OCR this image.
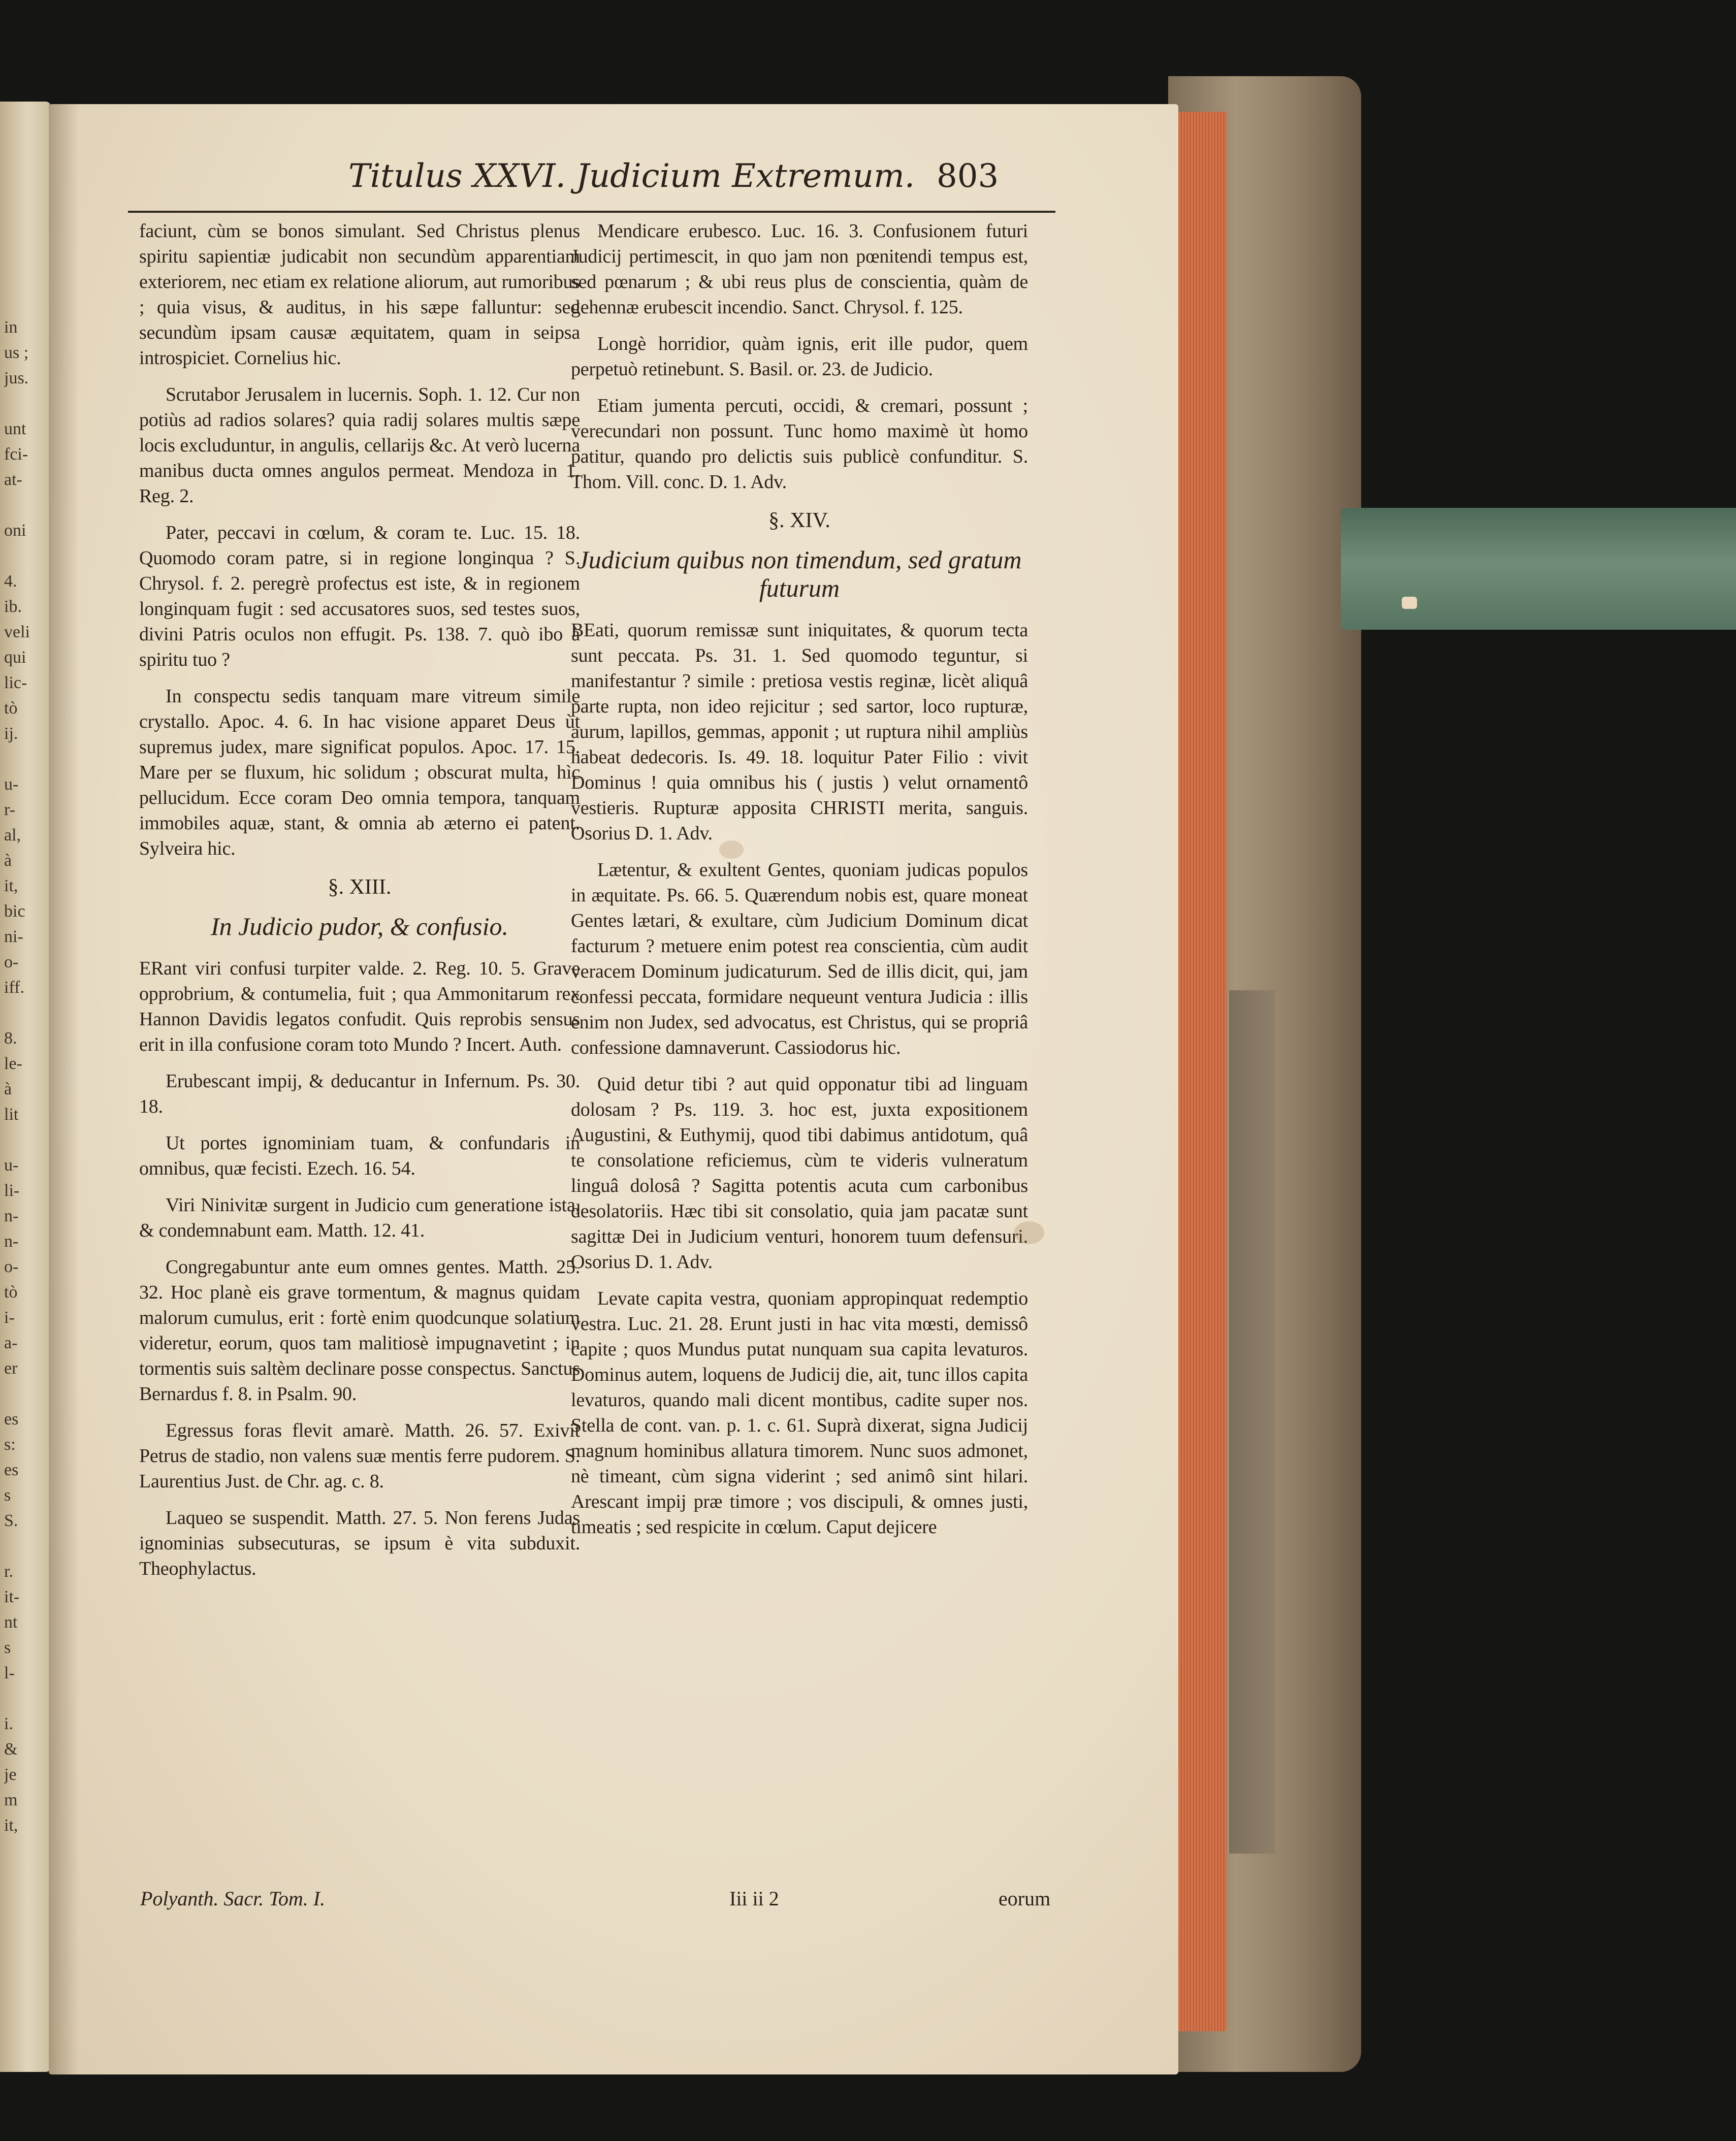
in
us ;
jus.
unt
fci-
at-
oni
4.
ib.
veli
qui
lic-
tò
ij.
u-
r-
al,
à
it,
bic
ni-
o-
iff.
8.
le-
à
lit
u-
li-
n-
n-
o-
tò
i-
a-
er
es
s:
es
s
S.
r.
it-
nt
s
l-
i.
&
je
m
it,
Titulus XXVI. Judicium Extremum. 803

faciunt, cùm se bonos simulant. Sed Christus plenus spiritu sapientiæ judicabit non secundùm apparentiam exteriorem, nec etiam ex relatione aliorum, aut rumoribus ; quia visus, & auditus, in his sæpe falluntur: sed secundùm ipsam causæ æquitatem, quam in seipsa introspiciet. Cornelius hic.

Scrutabor Jerusalem in lucernis. Soph. 1. 12. Cur non potiùs ad radios solares? quia radij solares multis sæpe locis excluduntur, in angulis, cellarijs &c. At verò lucerna manibus ducta omnes angulos permeat. Mendoza in 1. Reg. 2.

Pater, peccavi in cœlum, & coram te. Luc. 15. 18. Quomodo coram patre, si in regione longinqua ? S. Chrysol. f. 2. peregrè profectus est iste, & in regionem longinquam fugit : sed accusatores suos, sed testes suos, divini Patris oculos non effugit. Ps. 138. 7. quò ibo à spiritu tuo ?

In conspectu sedis tanquam mare vitreum simile crystallo. Apoc. 4. 6. In hac visione apparet Deus ùt supremus judex, mare significat populos. Apoc. 17. 15. Mare per se fluxum, hic solidum ; obscurat multa, hìc pellucidum. Ecce coram Deo omnia tempora, tanquam immobiles aquæ, stant, & omnia ab æterno ei patent. Sylveira hic.

§. XIII.
In Judicio pudor, & confusio.

ERant viri confusi turpiter valde. 2. Reg. 10. 5. Grave opprobrium, & contumelia, fuit ; qua Ammonitarum rex Hannon Davidis legatos confudit. Quis reprobis sensus erit in illa confusione coram toto Mundo ? Incert. Auth.

Erubescant impij, & deducantur in Infernum. Ps. 30. 18.

Ut portes ignominiam tuam, & confundaris in omnibus, quæ fecisti. Ezech. 16. 54.

Viri Ninivitæ surgent in Judicio cum generatione ista, & condemnabunt eam. Matth. 12. 41.

Congregabuntur ante eum omnes gentes. Matth. 25. 32. Hoc planè eis grave tormentum, & magnus quidam malorum cumulus, erit : fortè enim quodcunque solatium videretur, eorum, quos tam malitiosè impugnavetint ; in tormentis suis saltèm declinare posse conspectus. Sanctus Bernardus f. 8. in Psalm. 90.

Egressus foras flevit amarè. Matth. 26. 57. Exivit Petrus de stadio, non valens suæ mentis ferre pudorem. S. Laurentius Just. de Chr. ag. c. 8.

Laqueo se suspendit. Matth. 27. 5. Non ferens Judas ignominias subsecuturas, se ipsum è vita subduxit. Theophylactus.

Mendicare erubesco. Luc. 16. 3. Confusionem futuri Judicij pertimescit, in quo jam non pœnitendi tempus est, sed pœnarum ; & ubi reus plus de conscientia, quàm de gehennæ erubescit incendio. Sanct. Chrysol. f. 125.

Longè horridior, quàm ignis, erit ille pudor, quem perpetuò retinebunt. S. Basil. or. 23. de Judicio.

Etiam jumenta percuti, occidi, & cremari, possunt ; verecundari non possunt. Tunc homo maximè ùt homo patitur, quando pro delictis suis publicè confunditur. S. Thom. Vill. conc. D. 1. Adv.

§. XIV.
Judicium quibus non timendum, sed gratum futurum

BEati, quorum remissæ sunt iniquitates, & quorum tecta sunt peccata. Ps. 31. 1. Sed quomodo teguntur, si manifestantur ? simile : pretiosa vestis reginæ, licèt aliquâ parte rupta, non ideo rejicitur ; sed sartor, loco rupturæ, aurum, lapillos, gemmas, apponit ; ut ruptura nihil ampliùs habeat dedecoris. Is. 49. 18. loquitur Pater Filio : vivit Dominus ! quia omnibus his ( justis ) velut ornamentô vestieris. Rupturæ apposita CHRISTI merita, sanguis. Osorius D. 1. Adv.

Lætentur, & exultent Gentes, quoniam judicas populos in æquitate. Ps. 66. 5. Quærendum nobis est, quare moneat Gentes lætari, & exultare, cùm Judicium Dominum dicat facturum ? metuere enim potest rea conscientia, cùm audit veracem Dominum judicaturum. Sed de illis dicit, qui, jam confessi peccata, formidare nequeunt ventura Judicia : illis enim non Judex, sed advocatus, est Christus, qui se propriâ confessione damnaverunt. Cassiodorus hic.

Quid detur tibi ? aut quid opponatur tibi ad linguam dolosam ? Ps. 119. 3. hoc est, juxta expositionem Augustini, & Euthymij, quod tibi dabimus antidotum, quâ te consolatione reficiemus, cùm te videris vulneratum linguâ dolosâ ? Sagitta potentis acuta cum carbonibus desolatoriis. Hæc tibi sit consolatio, quia jam pacatæ sunt sagittæ Dei in Judicium venturi, honorem tuum defensuri. Osorius D. 1. Adv.

Levate capita vestra, quoniam appropinquat redemptio vestra. Luc. 21. 28. Erunt justi in hac vita mœsti, demissô capite ; quos Mundus putat nunquam sua capita levaturos. Dominus autem, loquens de Judicij die, ait, tunc illos capita levaturos, quando mali dicent montibus, cadite super nos. Stella de cont. van. p. 1. c. 61. Suprà dixerat, signa Judicij magnum hominibus allatura timorem. Nunc suos admonet, nè timeant, cùm signa viderint ; sed animô sint hilari. Arescant impij præ timore ; vos discipuli, & omnes justi, timeatis ; sed respicite in cœlum. Caput dejicere

Polyanth. Sacr. Tom. I.	Iii ii 2	eorum
